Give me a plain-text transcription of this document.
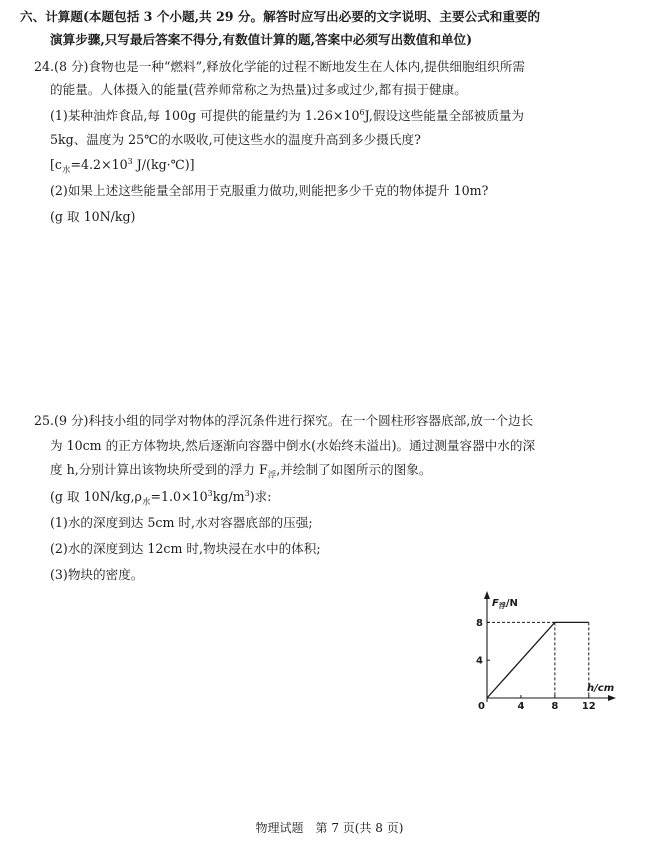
六、计算题(本题包括 3 个小题,共 29 分。解答时应写出必要的文字说明、主要公式和重要的
演算步骤,只写最后答案不得分,有数值计算的题,答案中必须写出数值和单位)
24.(8 分)食物也是一种“燃料”,释放化学能的过程不断地发生在人体内,提供细胞组织所需
的能量。人体摄入的能量(营养师常称之为热量)过多或过少,都有损于健康。
(1)某种油炸食品,每 100g 可提供的能量约为 $1.26\times 10^6J$,假设这些能量全部被质量为
5kg、温度为 25℃的水吸收,可使这些水的温度升高到多少摄氏度?
[$c_水=4.2\times 10^3$ J/(kg·℃)]
(2)如果上述这些能量全部用于克服重力做功,则能把多少千克的物体提升 10m?
(g 取 10N/kg)
25.(9 分)科技小组的同学对物体的浮沉条件进行探究。在一个圆柱形容器底部,放一个边长
为 10cm 的正方体物块,然后逐渐向容器中倒水(水始终未溢出)。通过测量容器中水的深
度 h,分别计算出该物块所受到的浮力 $F_浮$,并绘制了如图所示的图象。
(g 取 $10N/kg,\rho_水=1.0\times 10^3kg/m^3$)求:
(1)水的深度到达 5cm 时,水对容器底部的压强;
(2)水的深度到达 12cm 时,物块浸在水中的体积;
(3)物块的密度。
$F_浮/N$
h/cm
0	4	8 12
4
8
物理试题　第 7 页(共 8 页)
